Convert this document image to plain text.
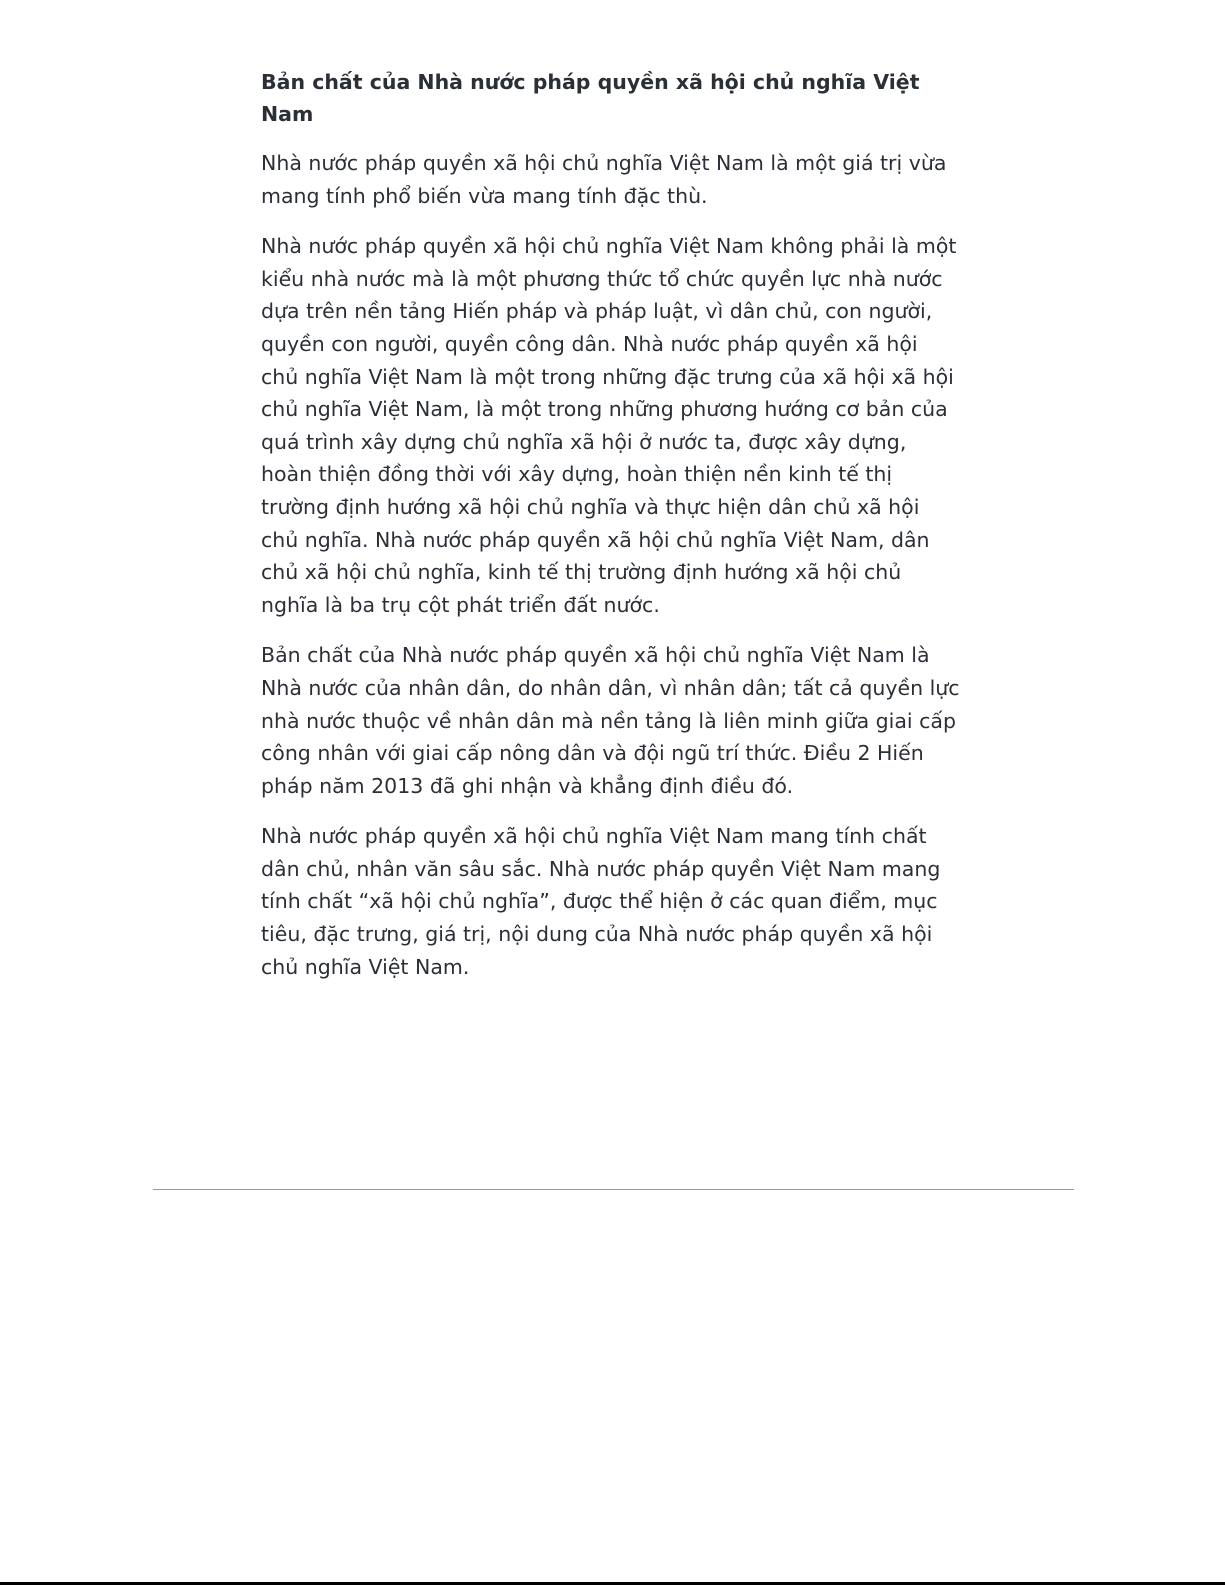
Bản chất của Nhà nước pháp quyền xã hội chủ nghĩa Việt Nam

Nhà nước pháp quyền xã hội chủ nghĩa Việt Nam là một giá trị vừa mang tính phổ biến vừa mang tính đặc thù.

Nhà nước pháp quyền xã hội chủ nghĩa Việt Nam không phải là một kiểu nhà nước mà là một phương thức tổ chức quyền lực nhà nước dựa trên nền tảng Hiến pháp và pháp luật, vì dân chủ, con người, quyền con người, quyền công dân. Nhà nước pháp quyền xã hội chủ nghĩa Việt Nam là một trong những đặc trưng của xã hội xã hội chủ nghĩa Việt Nam, là một trong những phương hướng cơ bản của quá trình xây dựng chủ nghĩa xã hội ở nước ta, được xây dựng, hoàn thiện đồng thời với xây dựng, hoàn thiện nền kinh tế thị trường định hướng xã hội chủ nghĩa và thực hiện dân chủ xã hội chủ nghĩa. Nhà nước pháp quyền xã hội chủ nghĩa Việt Nam, dân chủ xã hội chủ nghĩa, kinh tế thị trường định hướng xã hội chủ nghĩa là ba trụ cột phát triển đất nước.

Bản chất của Nhà nước pháp quyền xã hội chủ nghĩa Việt Nam là Nhà nước của nhân dân, do nhân dân, vì nhân dân; tất cả quyền lực nhà nước thuộc về nhân dân mà nền tảng là liên minh giữa giai cấp công nhân với giai cấp nông dân và đội ngũ trí thức. Điều 2 Hiến pháp năm 2013 đã ghi nhận và khẳng định điều đó.

Nhà nước pháp quyền xã hội chủ nghĩa Việt Nam mang tính chất dân chủ, nhân văn sâu sắc. Nhà nước pháp quyền Việt Nam mang tính chất “xã hội chủ nghĩa”, được thể hiện ở các quan điểm, mục tiêu, đặc trưng, giá trị, nội dung của Nhà nước pháp quyền xã hội chủ nghĩa Việt Nam.
